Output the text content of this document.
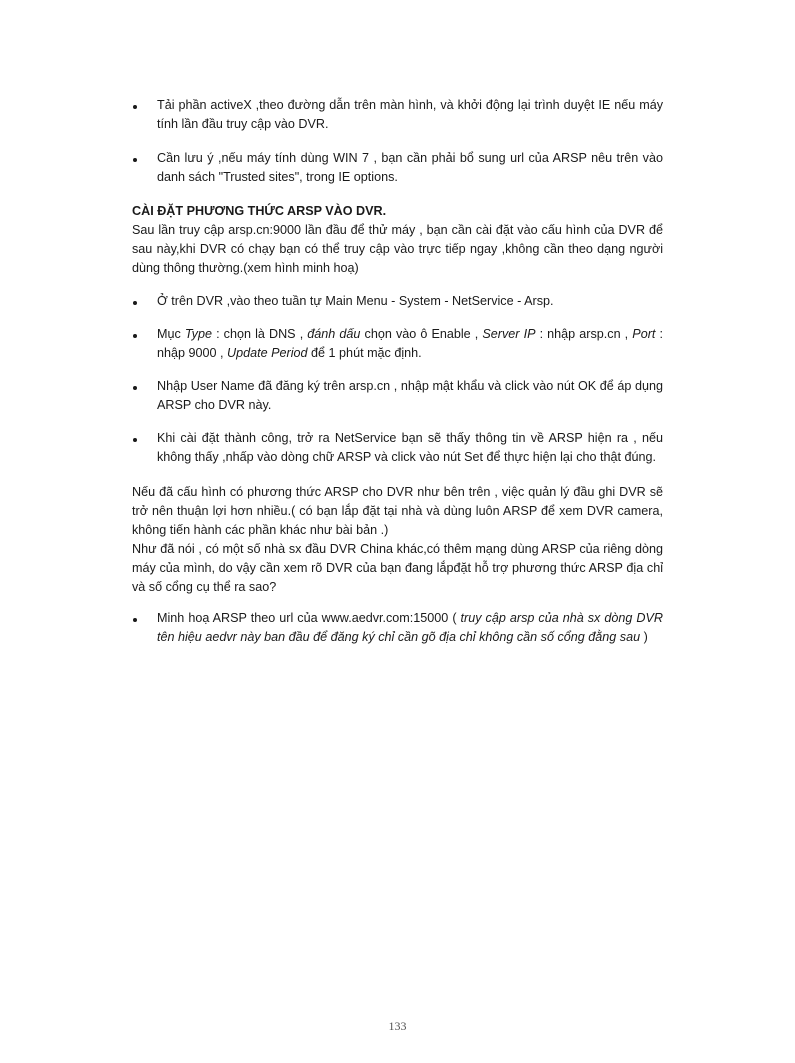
Tải phần activeX ,theo đường dẫn trên màn hình, và khởi động lại trình duyệt IE nếu máy tính lần đầu truy cập vào DVR.
Cần lưu ý ,nếu máy tính dùng WIN 7 , bạn cần phải bổ sung url của ARSP nêu trên vào danh sách "Trusted sites", trong IE options.
CÀI ĐẶT PHƯƠNG THỨC ARSP VÀO DVR.

Sau lần truy cập arsp.cn:9000 lần đầu để thử máy , bạn cần cài đặt vào cấu hình của DVR để sau này,khi DVR có chạy bạn có thể truy cập vào trực tiếp ngay ,không cần theo dạng người dùng thông thường.(xem hình minh hoạ)

Ở trên DVR ,vào theo tuần tự Main Menu - System - NetService - Arsp.
Mục Type : chọn là DNS , đánh dấu chọn vào ô Enable , Server IP : nhập arsp.cn , Port : nhập 9000 , Update Period để 1 phút mặc định.
Nhập User Name đã đăng ký trên arsp.cn , nhập mật khẩu và click vào nút OK để áp dụng ARSP cho DVR này.
Khi cài đặt thành công, trở ra NetService bạn sẽ thấy thông tin về ARSP hiện ra , nếu không thấy ,nhấp vào dòng chữ ARSP và click vào nút Set để thực hiện lại cho thật đúng.

Nếu đã cấu hình có phương thức ARSP cho DVR như bên trên , việc quản lý đầu ghi DVR sẽ trở nên thuận lợi hơn nhiều.( có bạn lắp đặt tại nhà và dùng luôn ARSP để xem DVR camera, không tiến hành các phần khác như bài bản .)

Như đã nói , có một số nhà sx đầu DVR China khác,có thêm mạng dùng ARSP của riêng dòng máy của mình, do vậy cần xem rõ DVR của bạn đang lắpđặt hỗ trợ phương thức ARSP địa chỉ và số cổng cụ thể ra sao?

Minh hoạ ARSP theo url của www.aedvr.com:15000 ( truy cập arsp của nhà sx dòng DVR tên hiệu aedvr này ban đầu để đăng ký chỉ cần gõ địa chỉ không cần số cổng đằng sau )
133
